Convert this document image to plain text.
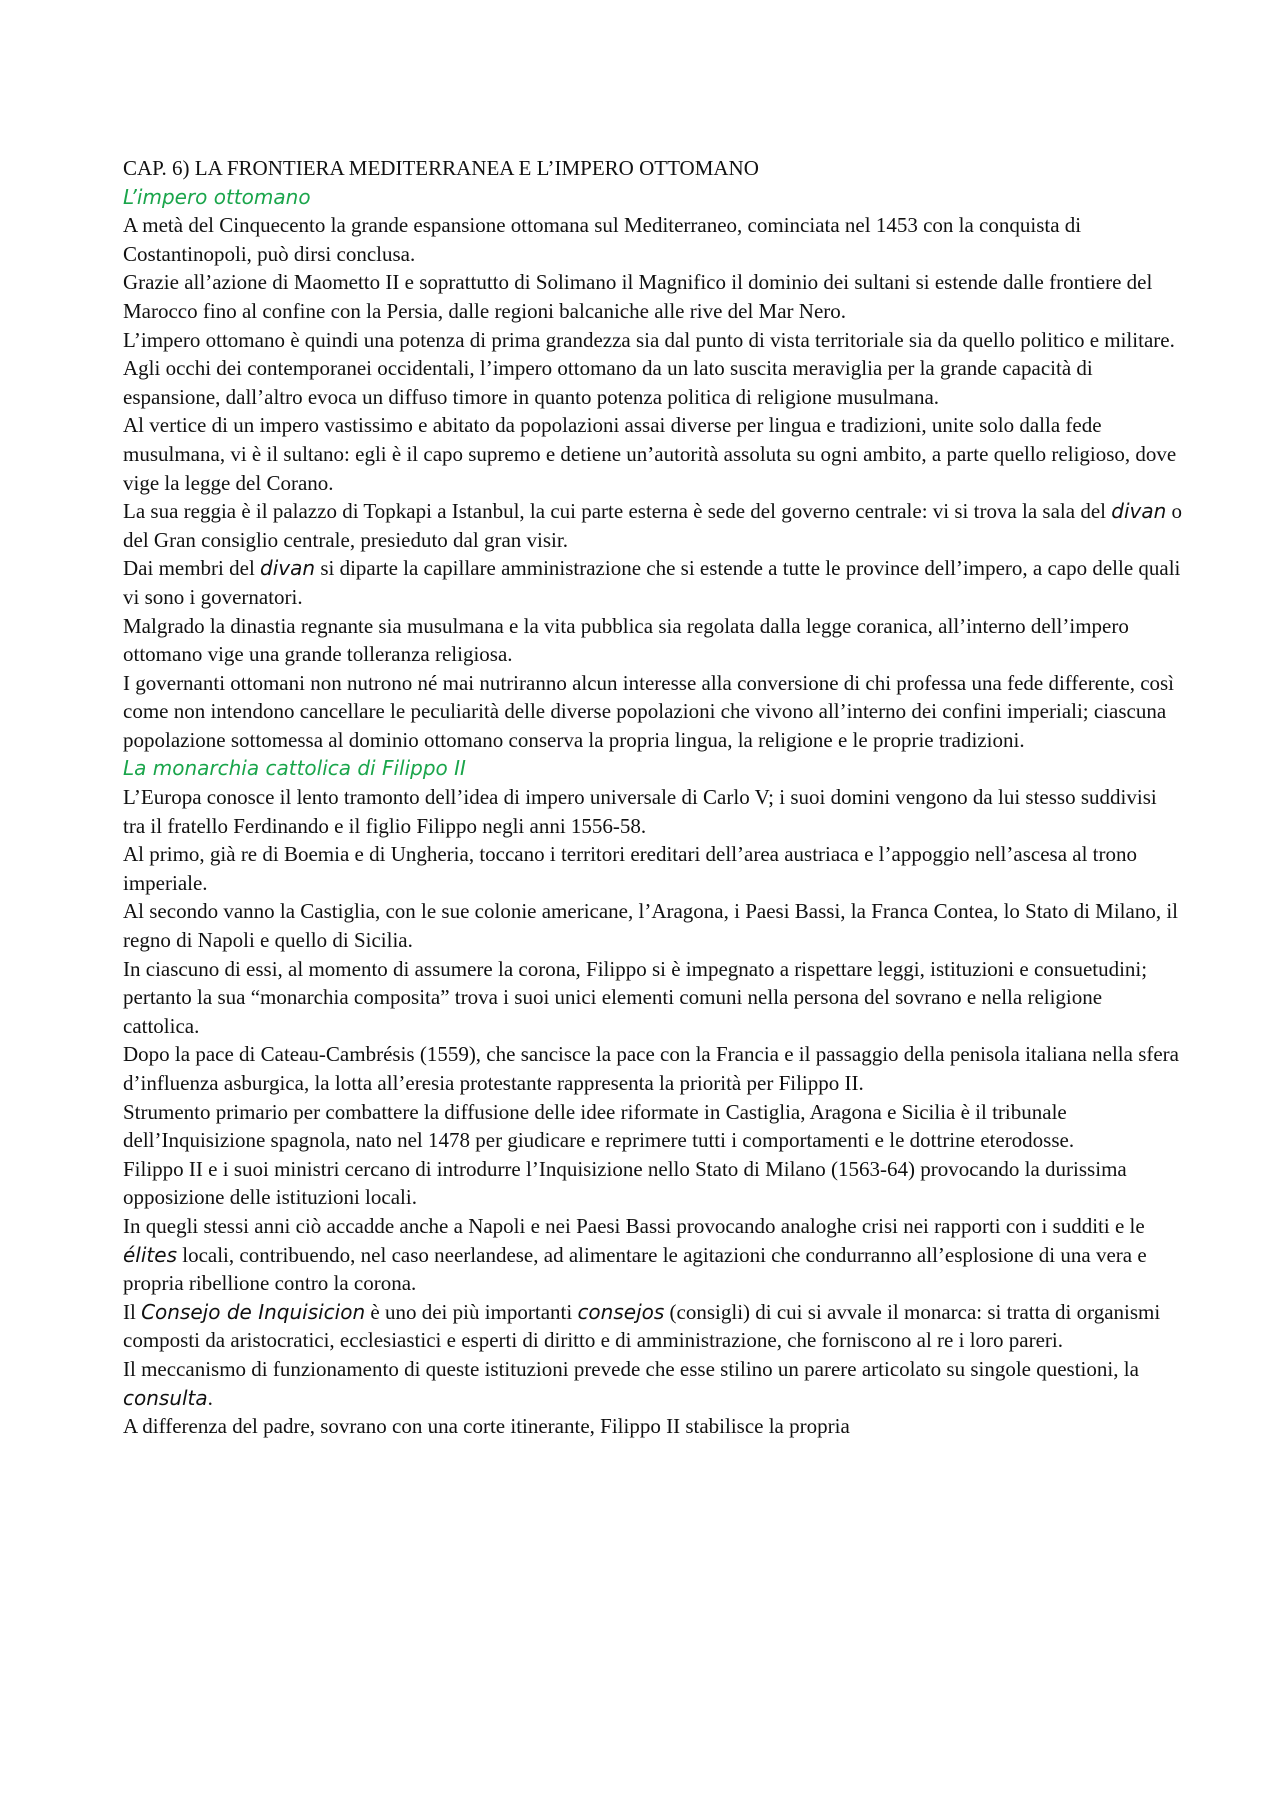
CAP. 6) LA FRONTIERA MEDITERRANEA E L’IMPERO OTTOMANO
L’impero ottomano

A metà del Cinquecento la grande espansione ottomana sul Mediterraneo, cominciata nel 1453 con la conquista di Costantinopoli, può dirsi conclusa.

Grazie all’azione di Maometto II e soprattutto di Solimano il Magnifico il dominio dei sultani si estende dalle frontiere del Marocco fino al confine con la Persia, dalle regioni balcaniche alle rive del Mar Nero.

L’impero ottomano è quindi una potenza di prima grandezza sia dal punto di vista territoriale sia da quello politico e militare.

Agli occhi dei contemporanei occidentali, l’impero ottomano da un lato suscita meraviglia per la grande capacità di espansione, dall’altro evoca un diffuso timore in quanto potenza politica di religione musulmana.

Al vertice di un impero vastissimo e abitato da popolazioni assai diverse per lingua e tradizioni, unite solo dalla fede musulmana, vi è il sultano: egli è il capo supremo e detiene un’autorità assoluta su ogni ambito, a parte quello religioso, dove vige la legge del Corano.

La sua reggia è il palazzo di Topkapi a Istanbul, la cui parte esterna è sede del governo centrale: vi si trova la sala del divan o del Gran consiglio centrale, presieduto dal gran visir.

Dai membri del divan si diparte la capillare amministrazione che si estende a tutte le province dell’impero, a capo delle quali vi sono i governatori.

Malgrado la dinastia regnante sia musulmana e la vita pubblica sia regolata dalla legge coranica, all’interno dell’impero ottomano vige una grande tolleranza religiosa.

I governanti ottomani non nutrono né mai nutriranno alcun interesse alla conversione di chi professa una fede differente, così come non intendono cancellare le peculiarità delle diverse popolazioni che vivono all’interno dei confini imperiali; ciascuna popolazione sottomessa al dominio ottomano conserva la propria lingua, la religione e le proprie tradizioni.

La monarchia cattolica di Filippo II

L’Europa conosce il lento tramonto dell’idea di impero universale di Carlo V; i suoi domini vengono da lui stesso suddivisi tra il fratello Ferdinando e il figlio Filippo negli anni 1556-58.

Al primo, già re di Boemia e di Ungheria, toccano i territori ereditari dell’area austriaca e l’appoggio nell’ascesa al trono imperiale.

Al secondo vanno la Castiglia, con le sue colonie americane, l’Aragona, i Paesi Bassi, la Franca Contea, lo Stato di Milano, il regno di Napoli e quello di Sicilia.

In ciascuno di essi, al momento di assumere la corona, Filippo si è impegnato a rispettare leggi, istituzioni e consuetudini; pertanto la sua “monarchia composita” trova i suoi unici elementi comuni nella persona del sovrano e nella religione cattolica.

Dopo la pace di Cateau-Cambrésis (1559), che sancisce la pace con la Francia e il passaggio della penisola italiana nella sfera d’influenza asburgica, la lotta all’eresia protestante rappresenta la priorità per Filippo II.

Strumento primario per combattere la diffusione delle idee riformate in Castiglia, Aragona e Sicilia è il tribunale dell’Inquisizione spagnola, nato nel 1478 per giudicare e reprimere tutti i comportamenti e le dottrine eterodosse.

Filippo II e i suoi ministri cercano di introdurre l’Inquisizione nello Stato di Milano (1563-64) provocando la durissima opposizione delle istituzioni locali.

In quegli stessi anni ciò accadde anche a Napoli e nei Paesi Bassi provocando analoghe crisi nei rapporti con i sudditi e le élites locali, contribuendo, nel caso neerlandese, ad alimentare le agitazioni che condurranno all’esplosione di una vera e propria ribellione contro la corona.

Il Consejo de Inquisicion è uno dei più importanti consejos (consigli) di cui si avvale il monarca: si tratta di organismi composti da aristocratici, ecclesiastici e esperti di diritto e di amministrazione, che forniscono al re i loro pareri.

Il meccanismo di funzionamento di queste istituzioni prevede che esse stilino un parere articolato su singole questioni, la consulta.

A differenza del padre, sovrano con una corte itinerante, Filippo II stabilisce la propria
